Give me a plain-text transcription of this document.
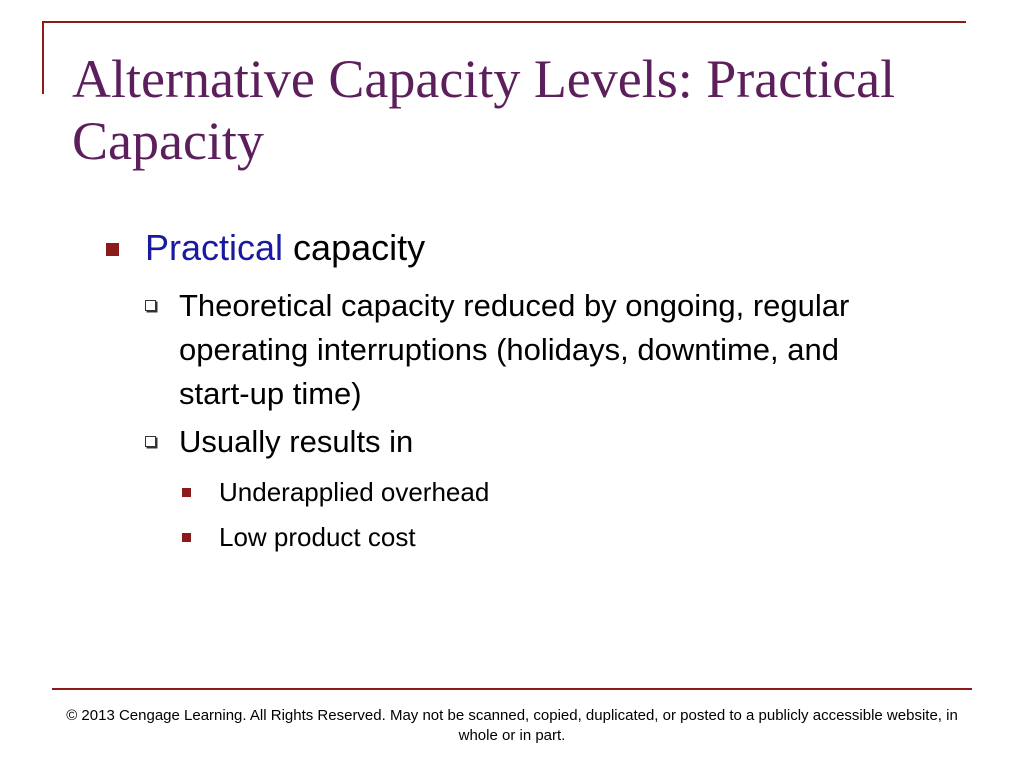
Alternative Capacity Levels: Practical Capacity
Practical capacity
Theoretical capacity reduced by ongoing, regular operating interruptions (holidays, downtime, and start-up time)
Usually results in
Underapplied overhead
Low product cost
© 2013 Cengage Learning. All Rights Reserved. May not be scanned, copied, duplicated, or posted to a publicly accessible website, in whole or in part.
